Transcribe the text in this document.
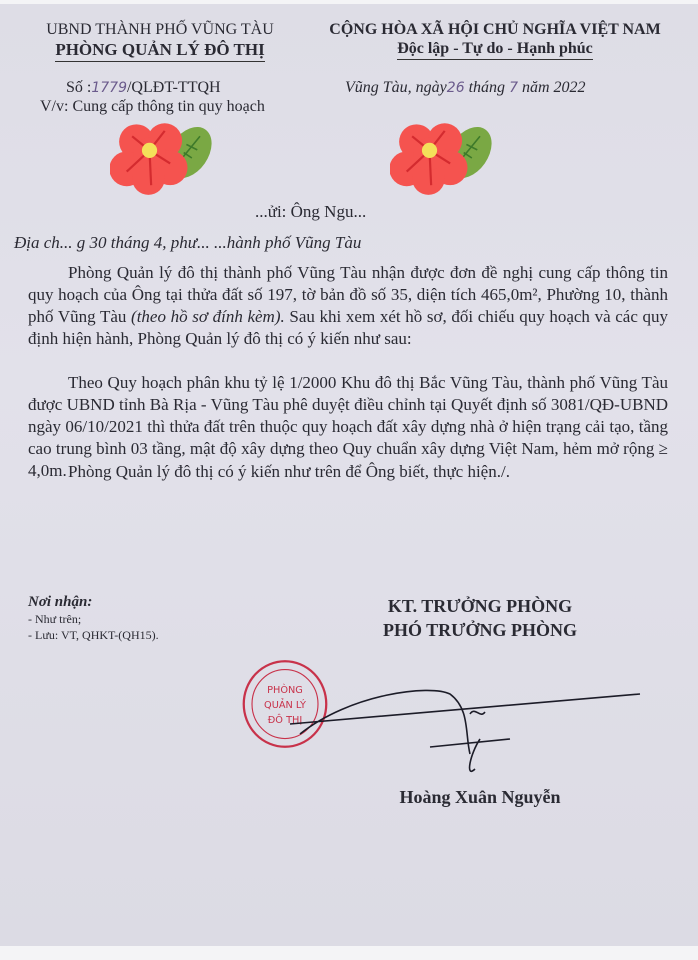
UBND THÀNH PHỐ VŨNG TÀU
PHÒNG QUẢN LÝ ĐÔ THỊ
CỘNG HÒA XÃ HỘI CHỦ NGHĨA VIỆT NAM
Độc lập - Tự do - Hạnh phúc
Số :1779/QLĐT-TTQH
V/v: Cung cấp thông tin quy hoạch
Vũng Tàu, ngày26 tháng 7 năm 2022
...ửi: Ông Ngu...
Địa ch... g 30 tháng 4, phư... ...hành phố Vũng Tàu
Phòng Quản lý đô thị thành phố Vũng Tàu nhận được đơn đề nghị cung cấp thông tin quy hoạch của Ông tại thửa đất số 197, tờ bản đồ số 35, diện tích 465,0m², Phường 10, thành phố Vũng Tàu (theo hồ sơ đính kèm). Sau khi xem xét hồ sơ, đối chiếu quy hoạch và các quy định hiện hành, Phòng Quản lý đô thị có ý kiến như sau:
Theo Quy hoạch phân khu tỷ lệ 1/2000 Khu đô thị Bắc Vũng Tàu, thành phố Vũng Tàu được UBND tỉnh Bà Rịa - Vũng Tàu phê duyệt điều chỉnh tại Quyết định số 3081/QĐ-UBND ngày 06/10/2021 thì thửa đất trên thuộc quy hoạch đất xây dựng nhà ở hiện trạng cải tạo, tầng cao trung bình 03 tầng, mật độ xây dựng theo Quy chuẩn xây dựng Việt Nam, hẻm mở rộng ≥ 4,0m. Phòng Quản lý đô thị có ý kiến như trên để Ông biết, thực hiện./.
Nơi nhận:
- Như trên;
- Lưu: VT, QHKT-(QH15).
KT. TRƯỞNG PHÒNG
PHÓ TRƯỞNG PHÒNG
PHÒNG
QUẢN LÝ
ĐÔ THỊ
Hoàng Xuân Nguyễn
